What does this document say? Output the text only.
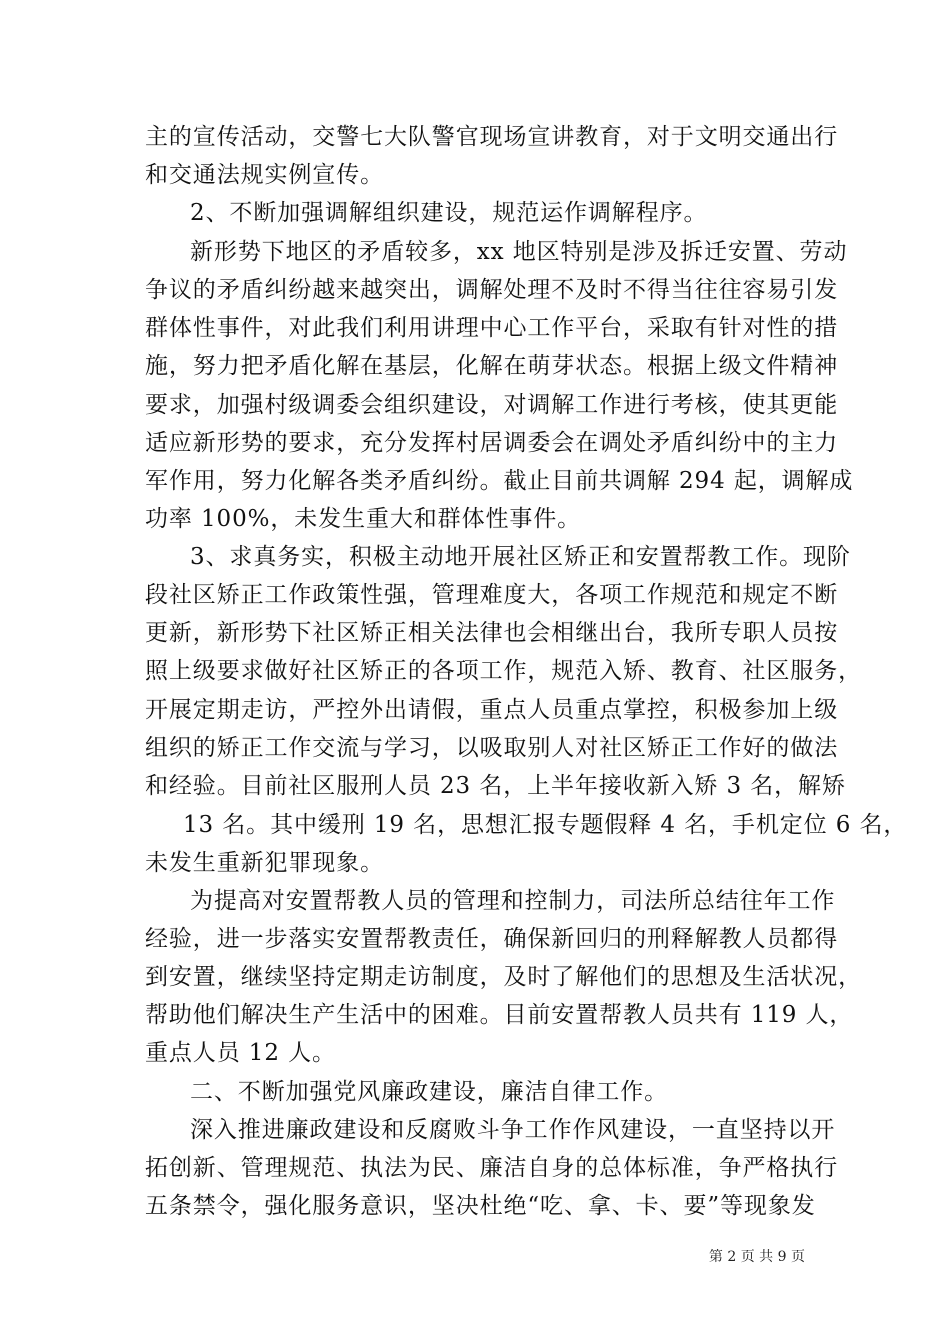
主的宣传活动，交警七大队警官现场宣讲教育，对于文明交通出行
和交通法规实例宣传。
2、不断加强调解组织建设，规范运作调解程序。
新形势下地区的矛盾较多，xx 地区特别是涉及拆迁安置、劳动
争议的矛盾纠纷越来越突出，调解处理不及时不得当往往容易引发
群体性事件，对此我们利用讲理中心工作平台，采取有针对性的措
施，努力把矛盾化解在基层，化解在萌芽状态。根据上级文件精神
要求，加强村级调委会组织建设，对调解工作进行考核，使其更能
适应新形势的要求，充分发挥村居调委会在调处矛盾纠纷中的主力
军作用，努力化解各类矛盾纠纷。截止目前共调解 294 起，调解成
功率 100%，未发生重大和群体性事件。
3、求真务实，积极主动地开展社区矫正和安置帮教工作。现阶
段社区矫正工作政策性强，管理难度大，各项工作规范和规定不断
更新，新形势下社区矫正相关法律也会相继出台，我所专职人员按
照上级要求做好社区矫正的各项工作，规范入矫、教育、社区服务，
开展定期走访，严控外出请假，重点人员重点掌控，积极参加上级
组织的矫正工作交流与学习，以吸取别人对社区矫正工作好的做法
和经验。目前社区服刑人员 23 名，上半年接收新入矫 3 名，解矫
13 名。其中缓刑 19 名，思想汇报专题假释 4 名，手机定位 6 名，
未发生重新犯罪现象。
为提高对安置帮教人员的管理和控制力，司法所总结往年工作
经验，进一步落实安置帮教责任，确保新回归的刑释解教人员都得
到安置，继续坚持定期走访制度，及时了解他们的思想及生活状况，
帮助他们解决生产生活中的困难。目前安置帮教人员共有 119 人，
重点人员 12 人。
二、不断加强党风廉政建设，廉洁自律工作。
深入推进廉政建设和反腐败斗争工作作风建设，一直坚持以开
拓创新、管理规范、执法为民、廉洁自身的总体标准，争严格执行
五条禁令，强化服务意识，坚决杜绝“吃、拿、卡、要”等现象发
第 2 页 共 9 页
